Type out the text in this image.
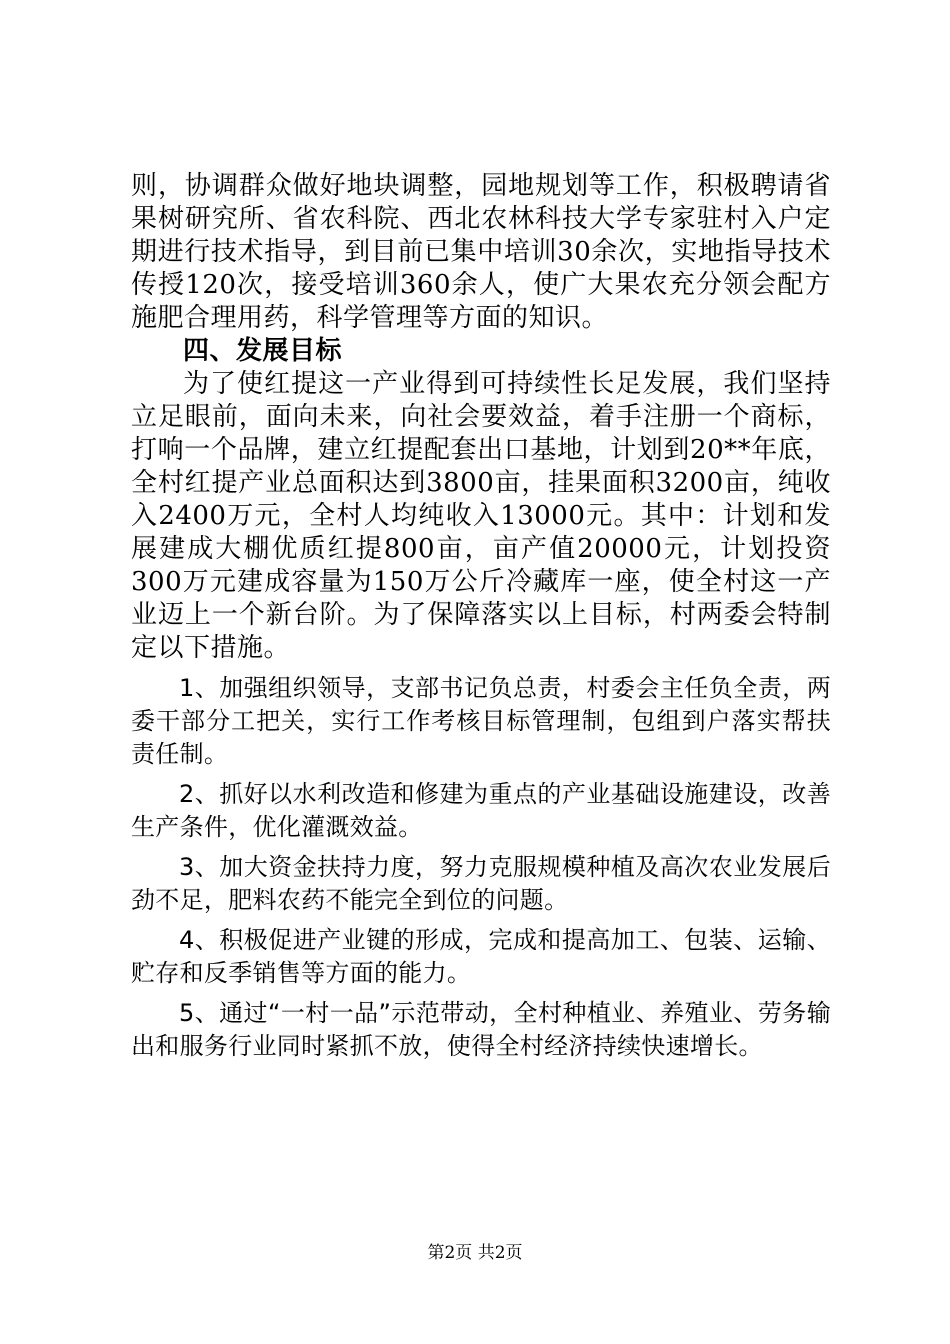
则，协调群众做好地块调整，园地规划等工作，积极聘请省果树研究所、省农科院、西北农林科技大学专家驻村入户定期进行技术指导，到目前已集中培训30余次，实地指导技术传授120次，接受培训360余人，使广大果农充分领会配方施肥合理用药，科学管理等方面的知识。

四、发展目标

为了使红提这一产业得到可持续性长足发展，我们坚持立足眼前，面向未来，向社会要效益，着手注册一个商标，打响一个品牌，建立红提配套出口基地，计划到20**年底，全村红提产业总面积达到3800亩，挂果面积3200亩，纯收入2400万元，全村人均纯收入13000元。其中：计划和发展建成大棚优质红提800亩，亩产值20000元，计划投资300万元建成容量为150万公斤冷藏库一座，使全村这一产业迈上一个新台阶。为了保障落实以上目标，村两委会特制定以下措施。

1、加强组织领导，支部书记负总责，村委会主任负全责，两委干部分工把关，实行工作考核目标管理制，包组到户落实帮扶责任制。

2、抓好以水利改造和修建为重点的产业基础设施建设，改善生产条件，优化灌溉效益。

3、加大资金扶持力度，努力克服规模种植及高次农业发展后劲不足，肥料农药不能完全到位的问题。

4、积极促进产业键的形成，完成和提高加工、包装、运输、贮存和反季销售等方面的能力。

5、通过“一村一品”示范带动，全村种植业、养殖业、劳务输出和服务行业同时紧抓不放，使得全村经济持续快速增长。

第2页 共2页
